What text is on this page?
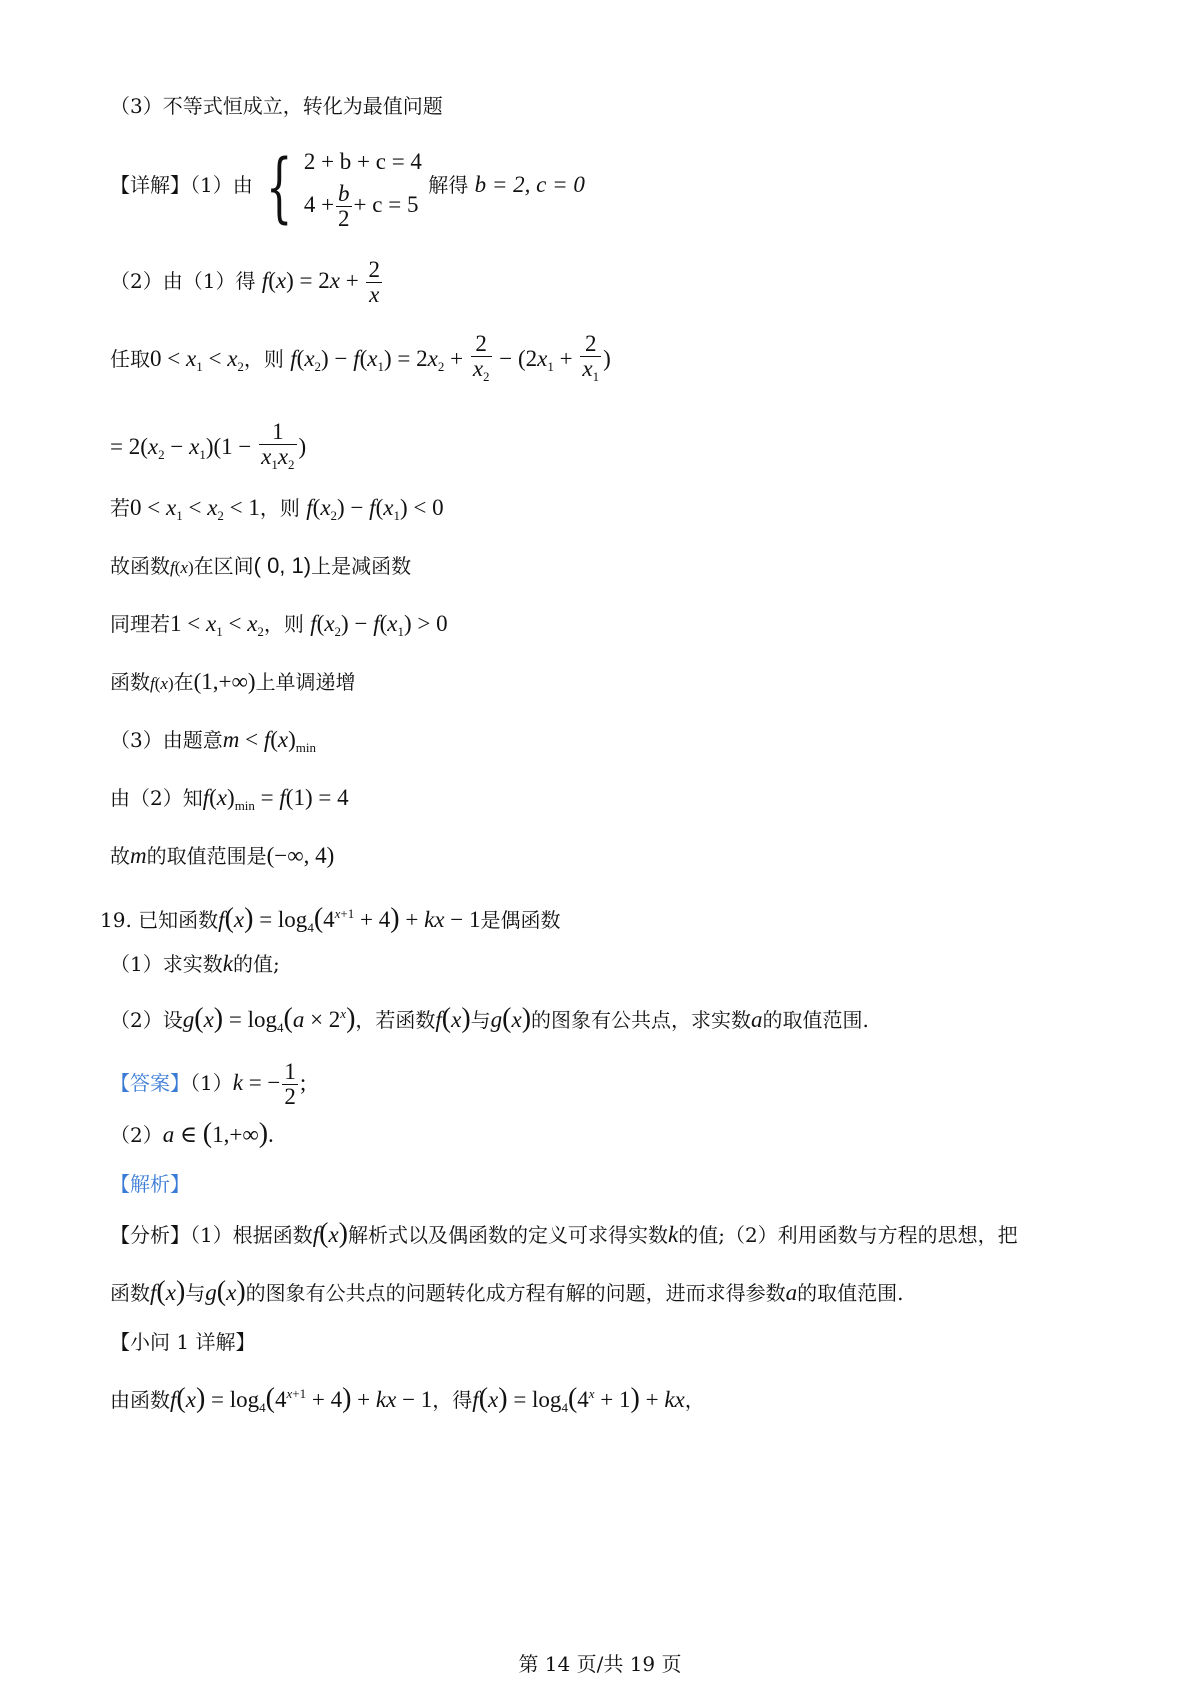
（3）不等式恒成立，转化为最值问题
【详解】（1）由 { 2 + b + c = 4
$4 + \frac{b}{2} + c = 5$
解得 b = 2, c = 0
（2）由（1）得 $f(x) = 2x + \frac{2}{x}$
任取$0 < x_1 < x_2$，则 $f(x_2) - f(x_1) = 2x_2 + \frac{2}{x_2} - (2x_1 + \frac{2}{x_1}$ )
= $2(x_2 - x_1)(1 - \frac{1}{x_1x_2}$ )
若$0 < x_1 < x_2 < 1$，则 $f(x_2) - f(x_1) < 0$
故函数f(x)在区间( 0, 1)上是减函数
同理若$1 < x_1 < x_2$，则 $f(x_2) - f(x_1) > 0$
函数f(x)在(1,+∞)上单调递增
（3）由题意$m < f(x)_{min}$
由（2）知$f(x)_{min} = f(1) = 4$
故m的取值范围是(−∞, 4)
19. 已知函数$f(x) = \log_4(4^{x+1} + 4)$ + kx − 1是偶函数
（1）求实数k的值;
（2）设$g(x) = \log_4(a \times 2^x)$，若函数f(x)与g(x)的图象有公共点，求实数a的取值范围.
【答案】（1）k = − $\frac{1}{2}$ ;
（2）a ∈ (1,+∞).
【解析】
【分析】（1）根据函数f(x)解析式以及偶函数的定义可求得实数k的值;（2）利用函数与方程的思想，把
函数f(x)与g(x)的图象有公共点的问题转化成方程有解的问题，进而求得参数a的取值范围.
【小问 1 详解】
由函数$f(x) = \log_4(4^{x+1} + 4)$ + kx − 1，得$f(x) = \log_4(4^x + 1)$ + kx，
第 14 页/共 19 页
